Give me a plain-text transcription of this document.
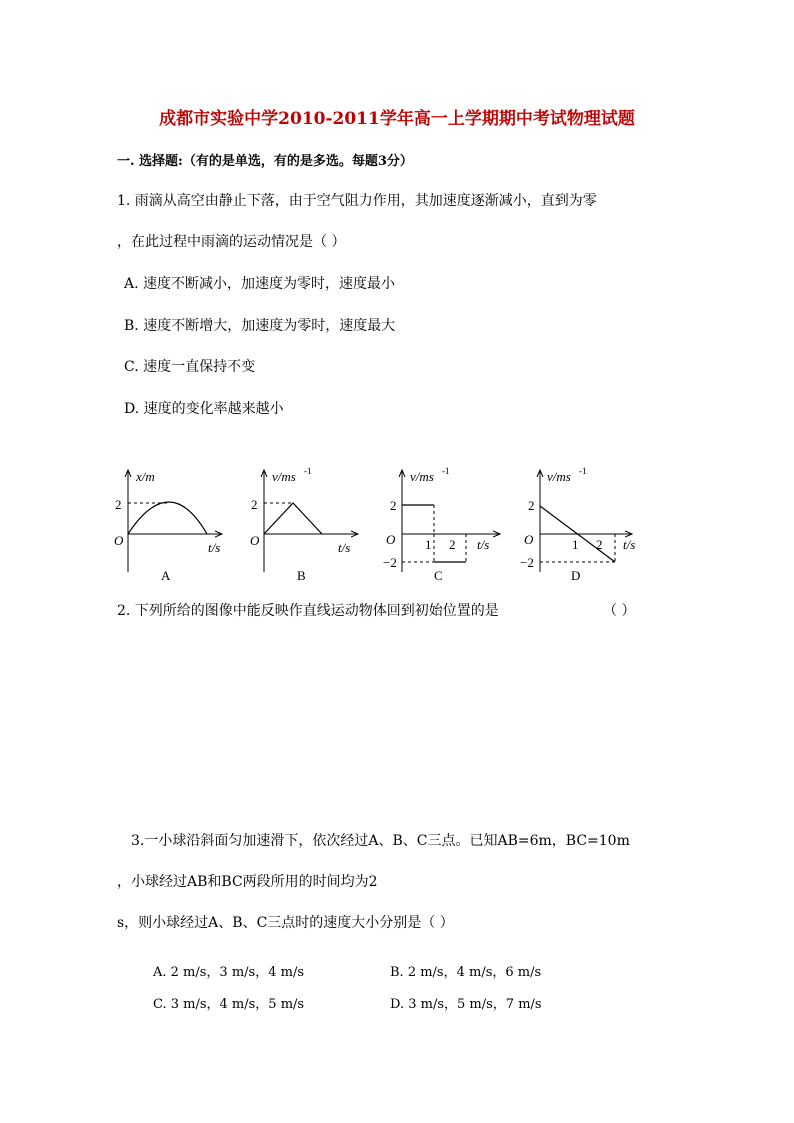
成都市实验中学2010-2011学年高一上学期期中考试物理试题
一. 选择题:（有的是单选，有的是多选。每题3分）
1. 雨滴从高空由静止下落，由于空气阻力作用，其加速度逐渐减小，直到为零
，在此过程中雨滴的运动情况是（ ）
A. 速度不断减小，加速度为零时，速度最小
B. 速度不断增大，加速度为零时，速度最大
C. 速度一直保持不变
D. 速度的变化率越来越小
x/m
2
O	t/s
A
v/ms -1
2
O	t/s
B
v/ms -1
2
−2
O 1 2 t/s
C
v/ms -1
2
−2
O	1 2 t/s
D
2. 下列所给的图像中能反映作直线运动物体回到初始位置的是	（ ）
3.一小球沿斜面匀加速滑下，依次经过A、B、C三点。已知AB=6m，BC=10m
，小球经过AB和BC两段所用的时间均为2
s，则小球经过A、B、C三点时的速度大小分别是（ ）
A. 2 m/s，3 m/s，4 m/s	B. 2 m/s，4 m/s，6 m/s
C. 3 m/s，4 m/s，5 m/s	D. 3 m/s，5 m/s，7 m/s
